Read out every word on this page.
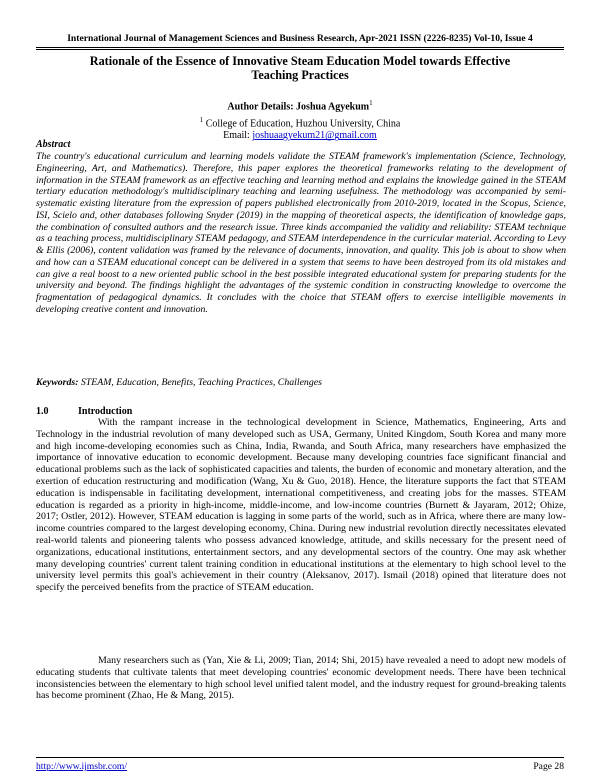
International Journal of Management Sciences and Business Research, Apr-2021 ISSN (2226-8235) Vol-10, Issue 4
Rationale of the Essence of Innovative Steam Education Model towards Effective
Teaching Practices
Author Details: Joshua Agyekum$^1$
$^1$ College of Education, Huzhou University, China
Email: joshuaagyekum21@gmail.com
Abstract
The country's educational curriculum and learning models validate the STEAM framework's implementation (Science, Technology, Engineering, Art, and Mathematics). Therefore, this paper explores the theoretical frameworks relating to the development of information in the STEAM framework as an effective teaching and learning method and explains the knowledge gained in the STEAM tertiary education methodology's multidisciplinary teaching and learning usefulness. The methodology was accompanied by semi-systematic existing literature from the expression of papers published electronically from 2010-2019, located in the Scopus, Science, ISI, Scielo and, other databases following Snyder (2019) in the mapping of theoretical aspects, the identification of knowledge gaps, the combination of consulted authors and the research issue. Three kinds accompanied the validity and reliability: STEAM technique as a teaching process, multidisciplinary STEAM pedagogy, and STEAM interdependence in the curricular material. According to Levy & Ellis (2006), content validation was framed by the relevance of documents, innovation, and quality. This job is about to show when and how can a STEAM educational concept can be delivered in a system that seems to have been destroyed from its old mistakes and can give a real boost to a new oriented public school in the best possible integrated educational system for preparing students for the university and beyond. The findings highlight the advantages of the systemic condition in constructing knowledge to overcome the fragmentation of pedagogical dynamics. It concludes with the choice that STEAM offers to exercise intelligible movements in developing creative content and innovation.
Keywords: STEAM, Education, Benefits, Teaching Practices, Challenges
1.0	Introduction
With the rampant increase in the technological development in Science, Mathematics, Engineering, Arts and Technology in the industrial revolution of many developed such as USA, Germany, United Kingdom, South Korea and many more and high income-developing economies such as China, India, Rwanda, and South Africa, many researchers have emphasized the importance of innovative education to economic development. Because many developing countries face significant financial and educational problems such as the lack of sophisticated capacities and talents, the burden of economic and monetary alteration, and the exertion of education restructuring and modification (Wang, Xu & Guo, 2018). Hence, the literature supports the fact that STEAM education is indispensable in facilitating development, international competitiveness, and creating jobs for the masses. STEAM education is regarded as a priority in high-income, middle-income, and low-income countries (Burnett & Jayaram, 2012; Ohize, 2017; Ostler, 2012). However, STEAM education is lagging in some parts of the world, such as in Africa, where there are many low-income countries compared to the largest developing economy, China. During new industrial revolution directly necessitates elevated real-world talents and pioneering talents who possess advanced knowledge, attitude, and skills necessary for the present need of organizations, educational institutions, entertainment sectors, and any developmental sectors of the country. One may ask whether many developing countries' current talent training condition in educational institutions at the elementary to high school level to the university level permits this goal's achievement in their country (Aleksanov, 2017). Ismail (2018) opined that literature does not specify the perceived benefits from the practice of STEAM education.
Many researchers such as (Yan, Xie & Li, 2009; Tian, 2014; Shi, 2015) have revealed a need to adopt new models of educating students that cultivate talents that meet developing countries' economic development needs. There have been technical inconsistencies between the elementary to high school level unified talent model, and the industry request for ground-breaking talents has become prominent (Zhao, He & Mang, 2015).
http://www.ijmsbr.com/	Page 28
